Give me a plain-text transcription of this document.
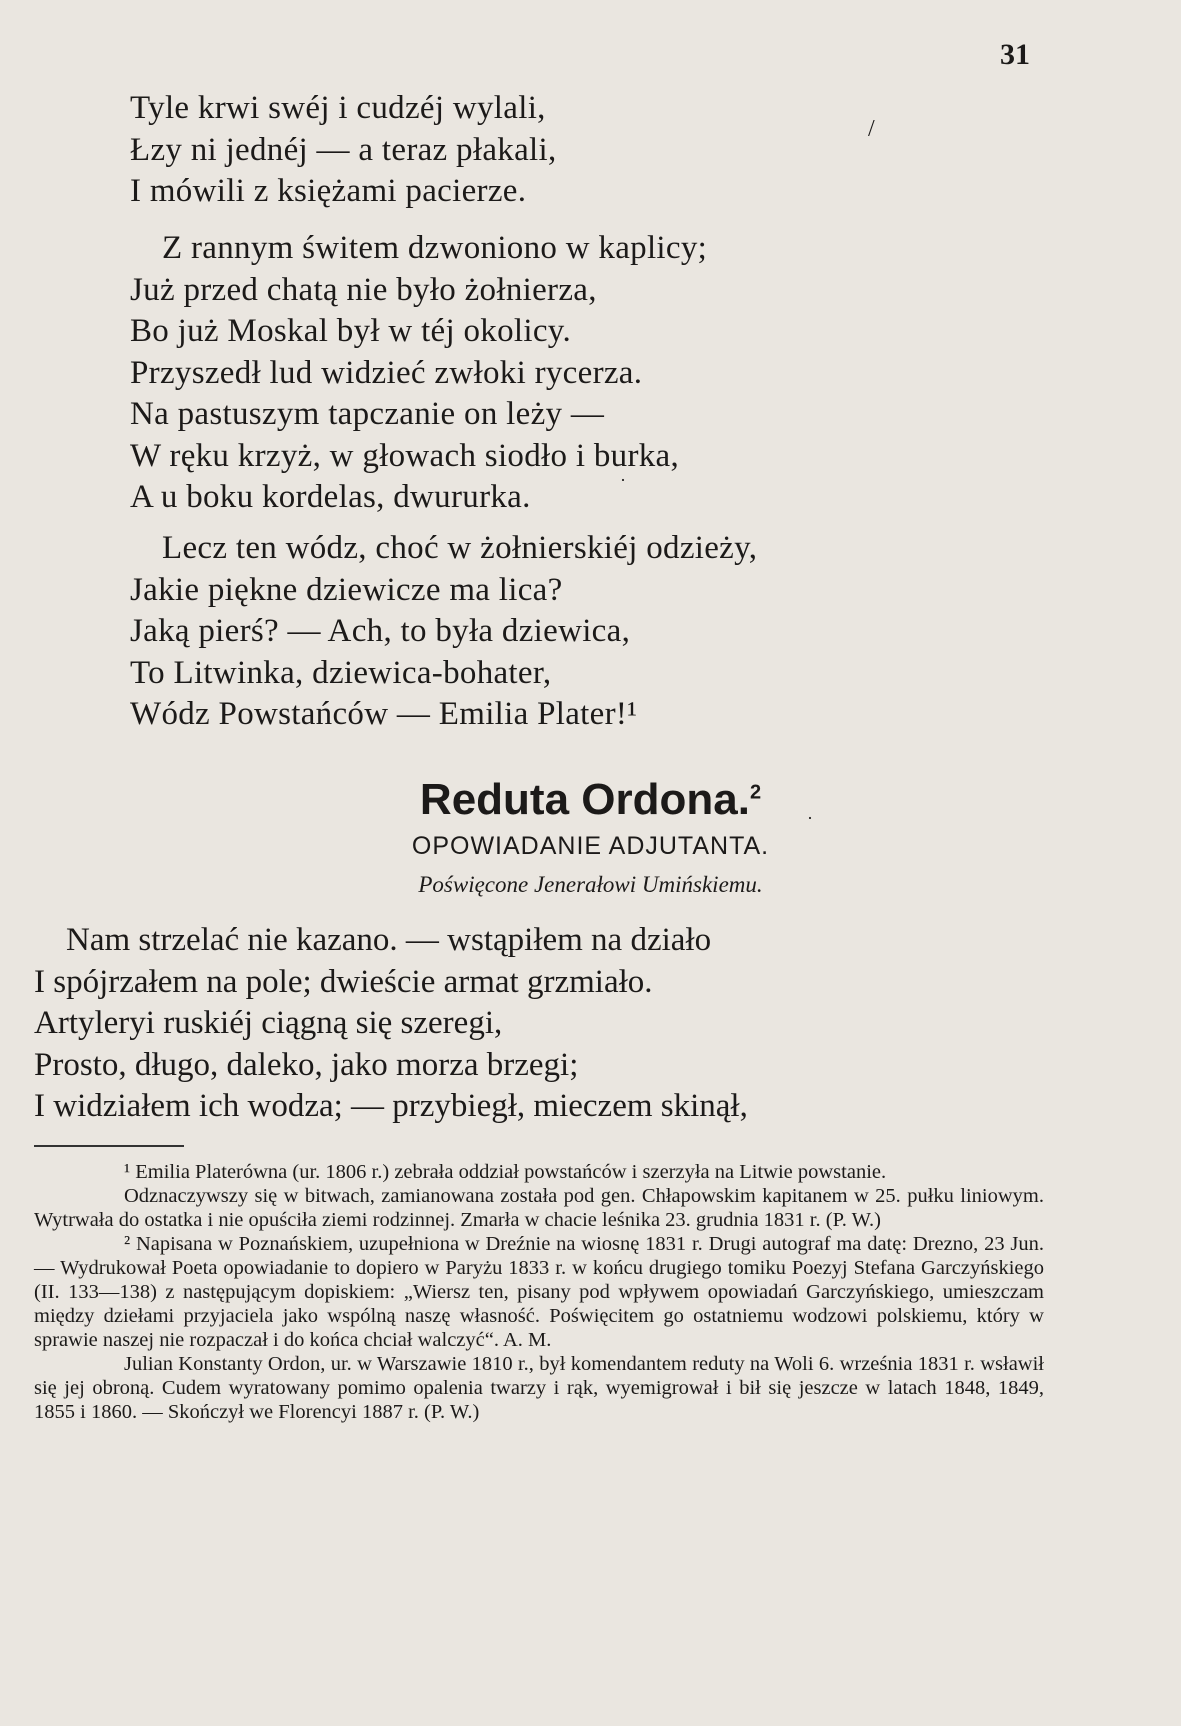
31
/
·
·
Tyle krwi swéj i cudzéj wylali,
Łzy ni jednéj — a teraz płakali,
I mówili z księżami pacierze.
Z rannym świtem dzwoniono w kaplicy;
Już przed chatą nie było żołnierza,
Bo już Moskal był w téj okolicy.
Przyszedł lud widzieć zwłoki rycerza.
Na pastuszym tapczanie on leży —
W ręku krzyż, w głowach siodło i burka,
A u boku kordelas, dwururka.
Lecz ten wódz, choć w żołnierskiéj odzieży,
Jakie piękne dziewicze ma lica?
Jaką pierś? — Ach, to była dziewica,
To Litwinka, dziewica-bohater,
Wódz Powstańców — Emilia Plater!¹
Reduta Ordona.$^2$
OPOWIADANIE ADJUTANTA.
Poświęcone Jenerałowi Umińskiemu.
Nam strzelać nie kazano. — wstąpiłem na działo
I spójrzałem na pole; dwieście armat grzmiało.
Artyleryi ruskiéj ciągną się szeregi,
Prosto, długo, daleko, jako morza brzegi;
I widziałem ich wodza; — przybiegł, mieczem skinął,

¹ Emilia Platerówna (ur. 1806 r.) zebrała oddział powstańców i szerzyła na Litwie powstanie.

Odznaczywszy się w bitwach, zamianowana została pod gen. Chłapowskim kapitanem w 25. pułku liniowym. Wytrwała do ostatka i nie opuściła ziemi rodzinnej. Zmarła w chacie leśnika 23. grudnia 1831 r. (P. W.)

² Napisana w Poznańskiem, uzupełniona w Dreźnie na wiosnę 1831 r. Drugi autograf ma datę: Drezno, 23 Jun. — Wydrukował Poeta opowiadanie to dopiero w Paryżu 1833 r. w końcu drugiego tomiku Poezyj Stefana Garczyńskiego (II. 133—138) z następującym dopiskiem: „Wiersz ten, pisany pod wpływem opowiadań Garczyńskiego, umieszczam między dziełami przyjaciela jako wspólną naszę własność. Poświęcitem go ostatniemu wodzowi polskiemu, który w sprawie naszej nie rozpaczał i do końca chciał walczyć“. A. M.

Julian Konstanty Ordon, ur. w Warszawie 1810 r., był komendantem reduty na Woli 6. września 1831 r. wsławił się jej obroną. Cudem wyratowany pomimo opalenia twarzy i rąk, wyemigrował i bił się jeszcze w latach 1848, 1849, 1855 i 1860. — Skończył we Florencyi 1887 r. (P. W.)
